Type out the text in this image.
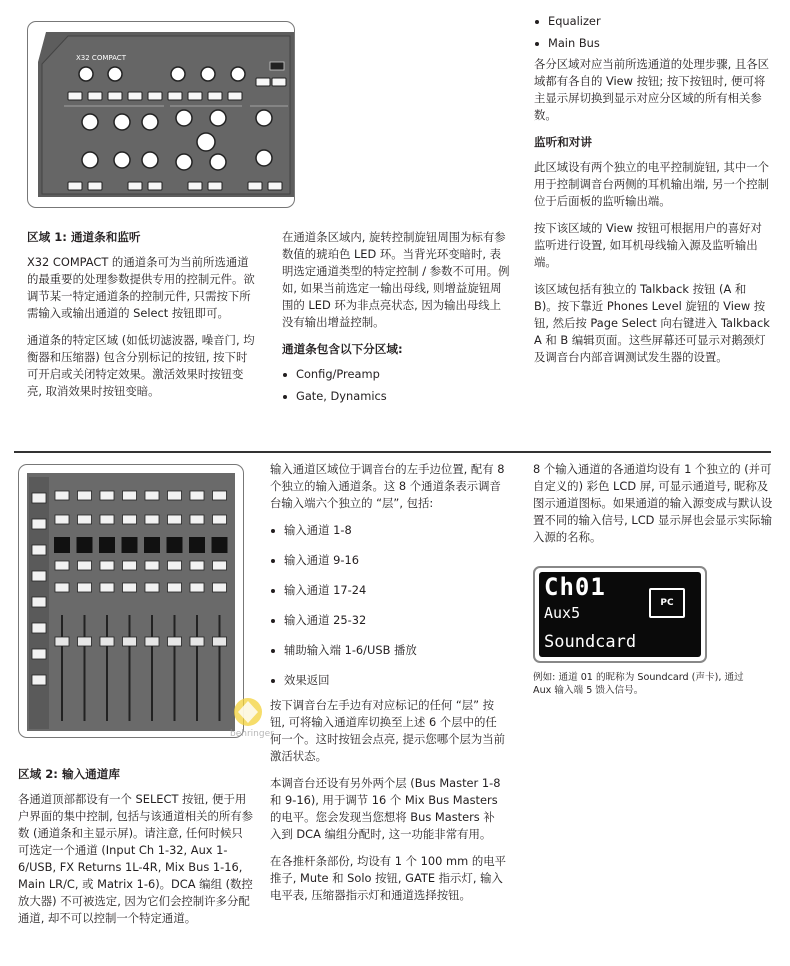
X32 COMPACT
区域 1: 通道条和监听

X32 COMPACT 的通道条可为当前所选通道的最重要的处理参数提供专用的控制元件。欲调节某一特定通道条的控制元件, 只需按下所需输入或输出通道的 Select 按钮即可。

通道条的特定区域 (如低切滤波器, 噪音门, 均衡器和压缩器) 包含分别标记的按钮, 按下时可开启或关闭特定效果。激活效果时按钮变亮, 取消效果时按钮变暗。

在通道条区域内, 旋转控制旋钮周围为标有参数值的琥珀色 LED 环。当背光环变暗时, 表明选定通道类型的特定控制 / 参数不可用。例如, 如果当前选定一输出母线, 则增益旋钮周围的 LED 环为非点亮状态, 因为输出母线上没有输出增益控制。

通道条包含以下分区域:
Config/Preamp
Gate, Dynamics
Equalizer
Main Bus

各分区域对应当前所选通道的处理步骤, 且各区域都有各自的 View 按钮; 按下按钮时, 便可将主显示屏切换到显示对应分区域的所有相关参数。

监听和对讲

此区域设有两个独立的电平控制旋钮, 其中一个用于控制调音台两侧的耳机输出端, 另一个控制位于后面板的监听输出端。

按下该区域的 View 按钮可根据用户的喜好对监听进行设置, 如耳机母线输入源及监听输出端。

该区域包括有独立的 Talkback 按钮 (A 和 B)。按下靠近 Phones Level 旋钮的 View 按钮, 然后按 Page Select 向右键进入 Talkback A 和 B 编辑页面。这些屏幕还可显示对鹅颈灯及调音台内部音调测试发生器的设置。

区域 2: 输入通道库

各通道顶部都设有一个 SELECT 按钮, 便于用户界面的集中控制, 包括与该通道相关的所有参数 (通道条和主显示屏)。请注意, 任何时候只可选定一个通道 (Input Ch 1-32, Aux 1-6/USB, FX Returns 1L-4R, Mix Bus 1-16, Main LR/C, 或 Matrix 1-6)。DCA 编组 (数控放大器) 不可被选定, 因为它们会控制许多分配通道, 却不可以控制一个特定通道。

输入通道区域位于调音台的左手边位置, 配有 8 个独立的输入通道条。这 8 个通道条表示调音台输入端六个独立的 “层”, 包括:

输入通道 1-8
输入通道 9-16
输入通道 17-24
输入通道 25-32
辅助输入端 1-6/USB 播放
效果返回

按下调音台左手边有对应标记的任何 “层” 按钮, 可将输入通道库切换至上述 6 个层中的任何一个。这时按钮会点亮, 提示您哪个层为当前激活状态。

本调音台还设有另外两个层 (Bus Master 1-8 和 9-16), 用于调节 16 个 Mix Bus Masters 的电平。您会发现当您想将 Bus Masters 补入到 DCA 编组分配时, 这一功能非常有用。

在各推杆条部份, 均设有 1 个 100 mm 的电平推子, Mute 和 Solo 按钮, GATE 指示灯, 输入电平表, 压缩器指示灯和通道选择按钮。

8 个输入通道的各通道均设有 1 个独立的 (并可自定义的) 彩色 LCD 屏, 可显示通道号, 昵称及图示通道图标。如果通道的输入源变成与默认设置不同的输入信号, LCD 显示屏也会显示实际输入源的名称。

Ch01
Aux5
Soundcard
PC
例如: 通道 01 的昵称为 Soundcard (声卡), 通过 Aux 输入端 5 馈入信号。
behringer
